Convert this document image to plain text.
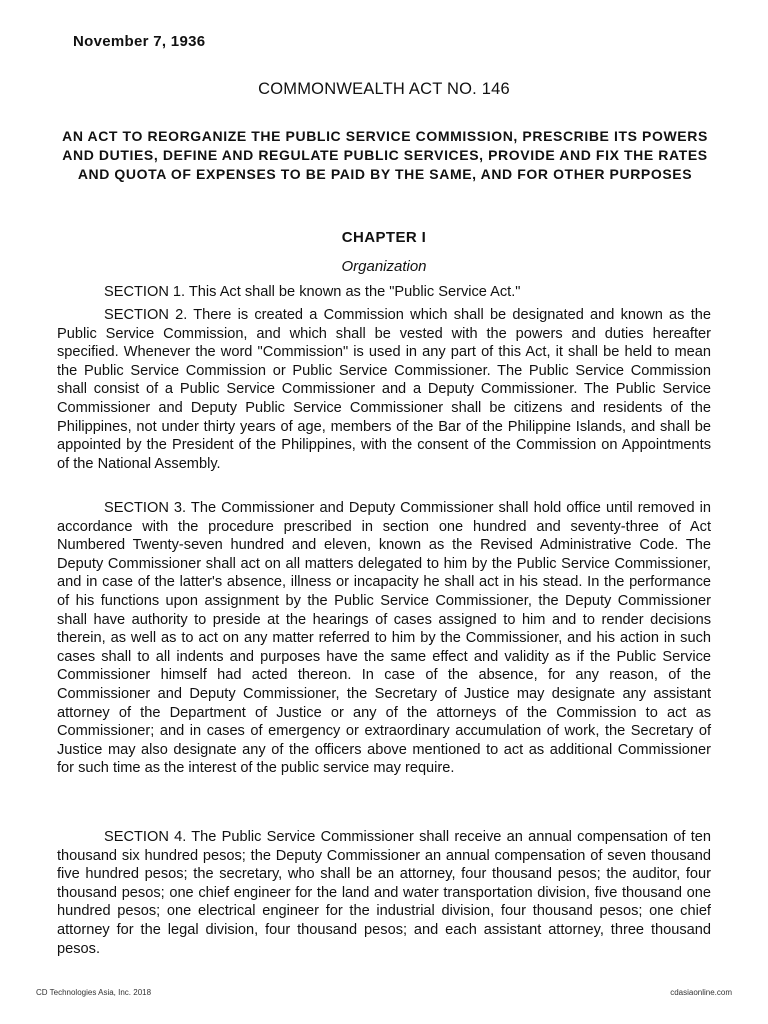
November 7, 1936
COMMONWEALTH ACT NO. 146
AN ACT TO REORGANIZE THE PUBLIC SERVICE COMMISSION, PRESCRIBE ITS POWERS AND DUTIES, DEFINE AND REGULATE PUBLIC SERVICES, PROVIDE AND FIX THE RATES AND QUOTA OF EXPENSES TO BE PAID BY THE SAME, AND FOR OTHER PURPOSES
CHAPTER I
Organization

SECTION 1. This Act shall be known as the "Public Service Act."

SECTION 2. There is created a Commission which shall be designated and known as the Public Service Commission, and which shall be vested with the powers and duties hereafter specified. Whenever the word "Commission" is used in any part of this Act, it shall be held to mean the Public Service Commission or Public Service Commissioner. The Public Service Commission shall consist of a Public Service Commissioner and a Deputy Commissioner. The Public Service Commissioner and Deputy Public Service Commissioner shall be citizens and residents of the Philippines, not under thirty years of age, members of the Bar of the Philippine Islands, and shall be appointed by the President of the Philippines, with the consent of the Commission on Appointments of the National Assembly.

SECTION 3. The Commissioner and Deputy Commissioner shall hold office until removed in accordance with the procedure prescribed in section one hundred and seventy-three of Act Numbered Twenty-seven hundred and eleven, known as the Revised Administrative Code. The Deputy Commissioner shall act on all matters delegated to him by the Public Service Commissioner, and in case of the latter's absence, illness or incapacity he shall act in his stead. In the performance of his functions upon assignment by the Public Service Commissioner, the Deputy Commissioner shall have authority to preside at the hearings of cases assigned to him and to render decisions therein, as well as to act on any matter referred to him by the Commissioner, and his action in such cases shall to all indents and purposes have the same effect and validity as if the Public Service Commissioner himself had acted thereon. In case of the absence, for any reason, of the Commissioner and Deputy Commissioner, the Secretary of Justice may designate any assistant attorney of the Department of Justice or any of the attorneys of the Commission to act as Commissioner; and in cases of emergency or extraordinary accumulation of work, the Secretary of Justice may also designate any of the officers above mentioned to act as additional Commissioner for such time as the interest of the public service may require.

SECTION 4. The Public Service Commissioner shall receive an annual compensation of ten thousand six hundred pesos; the Deputy Commissioner an annual compensation of seven thousand five hundred pesos; the secretary, who shall be an attorney, four thousand pesos; the auditor, four thousand pesos; one chief engineer for the land and water transportation division, five thousand one hundred pesos; one electrical engineer for the industrial division, four thousand pesos; one chief attorney for the legal division, four thousand pesos; and each assistant attorney, three thousand pesos.

CD Technologies Asia, Inc. 2018	cdasiaonline.com
